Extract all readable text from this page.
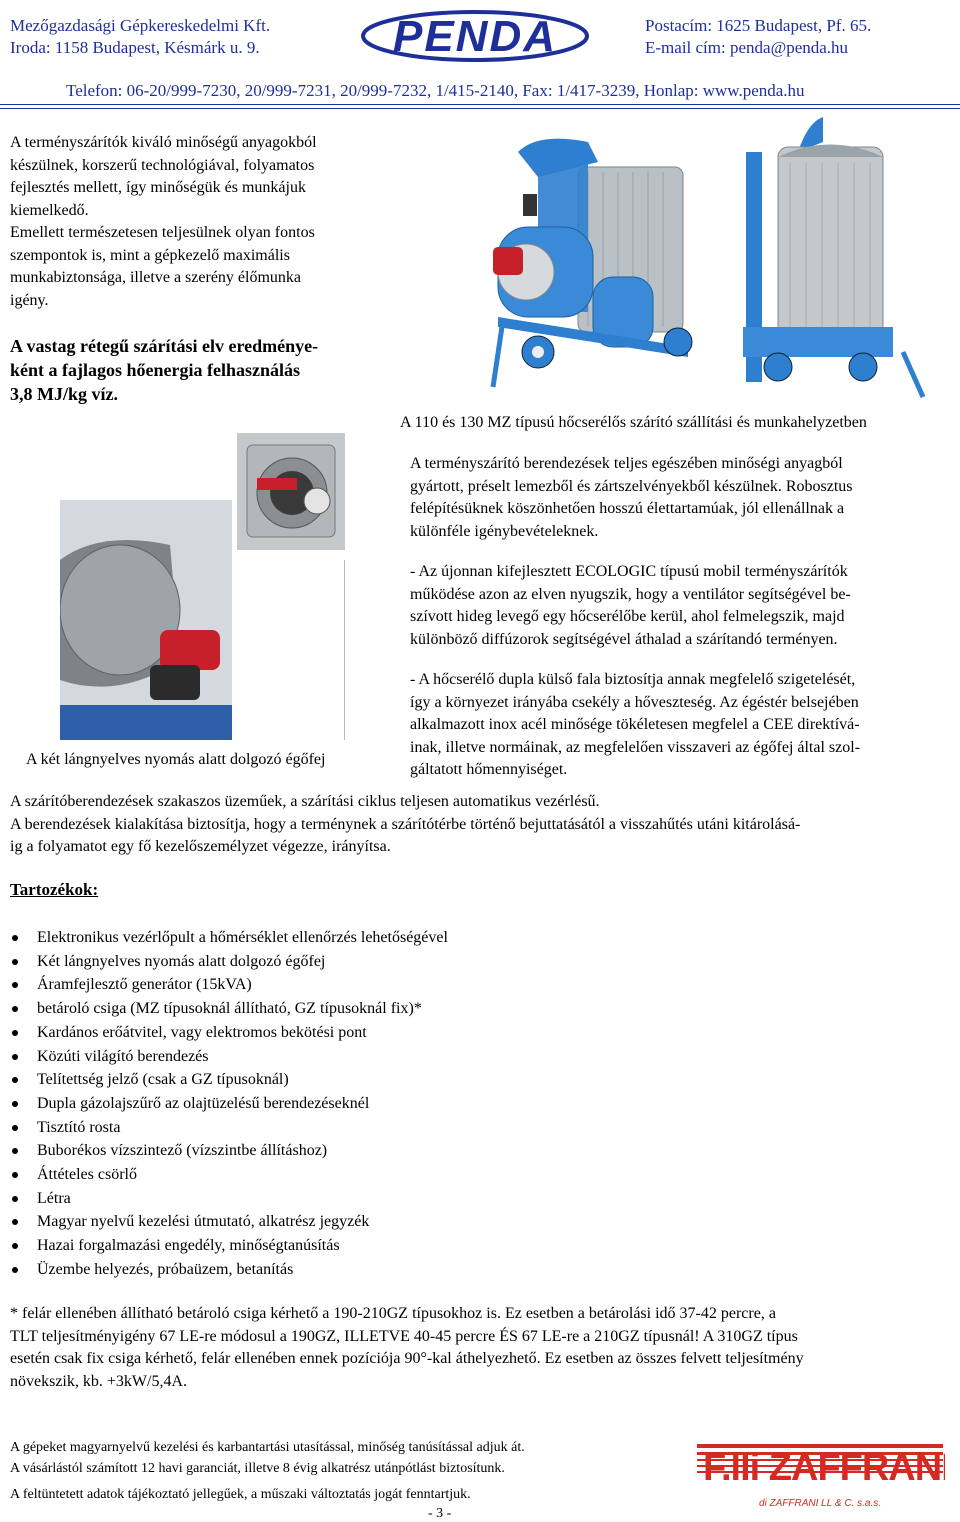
Mezőgazdasági Gépkereskedelmi Kft.
Iroda: 1158 Budapest, Késmárk u. 9.	PENDA	Postacím: 1625 Budapest, Pf. 65.
E-mail cím: penda@penda.hu
Telefon: 06-20/999-7230, 20/999-7231, 20/999-7232, 1/415-2140, Fax: 1/417-3239, Honlap: www.penda.hu
A terményszárítók kiváló minőségű anyagokból
készülnek, korszerű technológiával, folyamatos
fejlesztés mellett, így minőségük és munkájuk
kiemelkedő.
Emellett természetesen teljesülnek olyan fontos
szempontok is, mint a gépkezelő maximális
munkabiztonsága, illetve a szerény élőmunka
igény.
A vastag rétegű szárítási elv eredménye-
ként a fajlagos hőenergia felhasználás
3,8 MJ/kg víz.
A 110 és 130 MZ típusú hőcserélős szárító szállítási és munkahelyzetben
A terményszárító berendezések teljes egészében minőségi anyagból
gyártott, préselt lemezből és zártszelvényekből készülnek. Robosztus
felépítésüknek köszönhetően hosszú élettartamúak, jól ellenállnak a
különféle igénybevételeknek.
- Az újonnan kifejlesztett ECOLOGIC típusú mobil terményszárítók
működése azon az elven nyugszik, hogy a ventilátor segítségével be-
szívott hideg levegő egy hőcserélőbe kerül, ahol felmelegszik, majd
különböző diffúzorok segítségével áthalad a szárítandó terményen.
- A hőcserélő dupla külső fala biztosítja annak megfelelő szigetelését,
így a környezet irányába csekély a hőveszteség. Az égéstér belsejében
alkalmazott inox acél minősége tökéletesen megfelel a CEE direktívá-
inak, illetve normáinak, az megfelelően visszaveri az égőfej által szol-
gáltatott hőmennyiséget.
A két lángnyelves nyomás alatt dolgozó égőfej
A szárítóberendezések szakaszos üzeműek, a szárítási ciklus teljesen automatikus vezérlésű.
A berendezések kialakítása biztosítja, hogy a terménynek a szárítótérbe történő bejuttatásától a visszahűtés utáni kitárolásá-
ig a folyamatot egy fő kezelőszemélyzet végezze, irányítsa.
Tartozékok:
Elektronikus vezérlőpult a hőmérséklet ellenőrzés lehetőségével
Két lángnyelves nyomás alatt dolgozó égőfej
Áramfejlesztő generátor (15kVA)
betároló csiga (MZ típusoknál állítható, GZ típusoknál fix)*
Kardános erőátvitel, vagy elektromos bekötési pont
Közúti világító berendezés
Telítettség jelző (csak a GZ típusoknál)
Dupla gázolajszűrő az olajtüzelésű berendezéseknél
Tisztító rosta
Buborékos vízszintező (vízszintbe állításhoz)
Áttételes csörlő
Létra
Magyar nyelvű kezelési útmutató, alkatrész jegyzék
Hazai forgalmazási engedély, minőségtanúsítás
Üzembe helyezés, próbaüzem, betanítás
* felár ellenében állítható betároló csiga kérhető a 190-210GZ típusokhoz is. Ez esetben a betárolási idő 37-42 percre, a
TLT teljesítményigény 67 LE-re módosul a 190GZ, ILLETVE 40-45 percre ÉS 67 LE-re a 210GZ típusnál! A 310GZ típus
esetén csak fix csiga kérhető, felár ellenében ennek pozíciója 90°-kal áthelyezhető. Ez esetben az összes felvett teljesítmény
növekszik, kb. +3kW/5,4A.
A gépeket magyarnyelvű kezelési és karbantartási utasítással, minőség tanúsítással adjuk át.
A vásárlástól számított 12 havi garanciát, illetve 8 évig alkatrész utánpótlást biztosítunk.
A feltüntetett adatok tájékoztató jellegűek, a műszaki változtatás jogát fenntartjuk.
- 3 -
F.lli ZAFFRANI
di ZAFFRANI LL & C. s.a.s.
